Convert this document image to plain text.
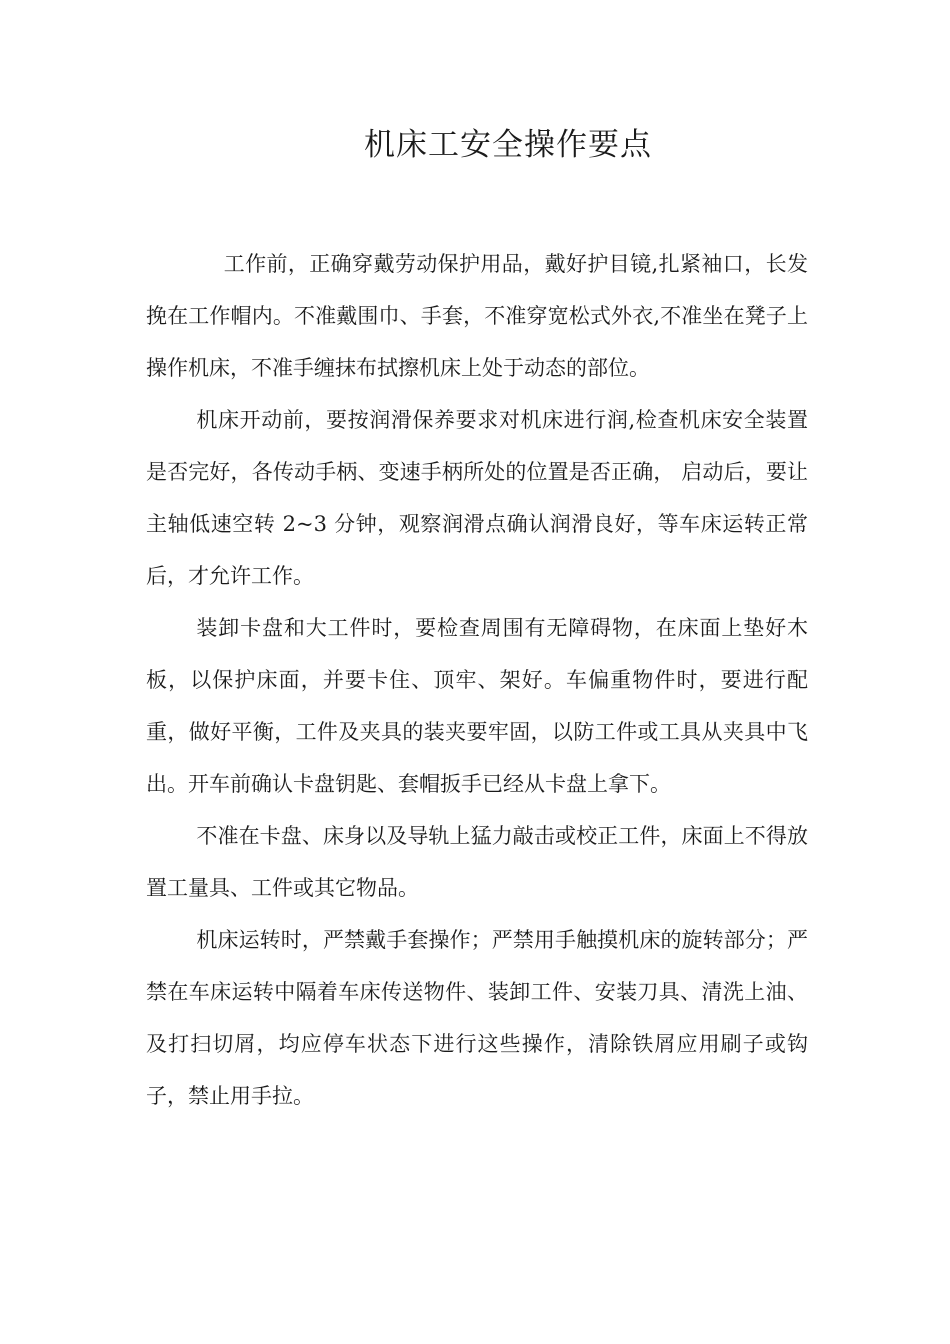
机床工安全操作要点

工作前，正确穿戴劳动保护用品，戴好护目镜,扎紧袖口，长发挽在工作帽内。不准戴围巾、手套，不准穿宽松式外衣,不准坐在凳子上操作机床，不准手缠抹布拭擦机床上处于动态的部位。

机床开动前，要按润滑保养要求对机床进行润,检查机床安全装置是否完好，各传动手柄、变速手柄所处的位置是否正确， 启动后，要让主轴低速空转 2~3 分钟，观察润滑点确认润滑良好，等车床运转正常后，才允许工作。

装卸卡盘和大工件时，要检查周围有无障碍物，在床面上垫好木板，以保护床面，并要卡住、顶牢、架好。车偏重物件时，要进行配重，做好平衡，工件及夹具的装夹要牢固，以防工件或工具从夹具中飞出。开车前确认卡盘钥匙、套帽扳手已经从卡盘上拿下。

不准在卡盘、床身以及导轨上猛力敲击或校正工件，床面上不得放置工量具、工件或其它物品。

机床运转时，严禁戴手套操作；严禁用手触摸机床的旋转部分；严禁在车床运转中隔着车床传送物件、装卸工件、安装刀具、清洗上油、及打扫切屑，均应停车状态下进行这些操作，清除铁屑应用刷子或钩子，禁止用手拉。
